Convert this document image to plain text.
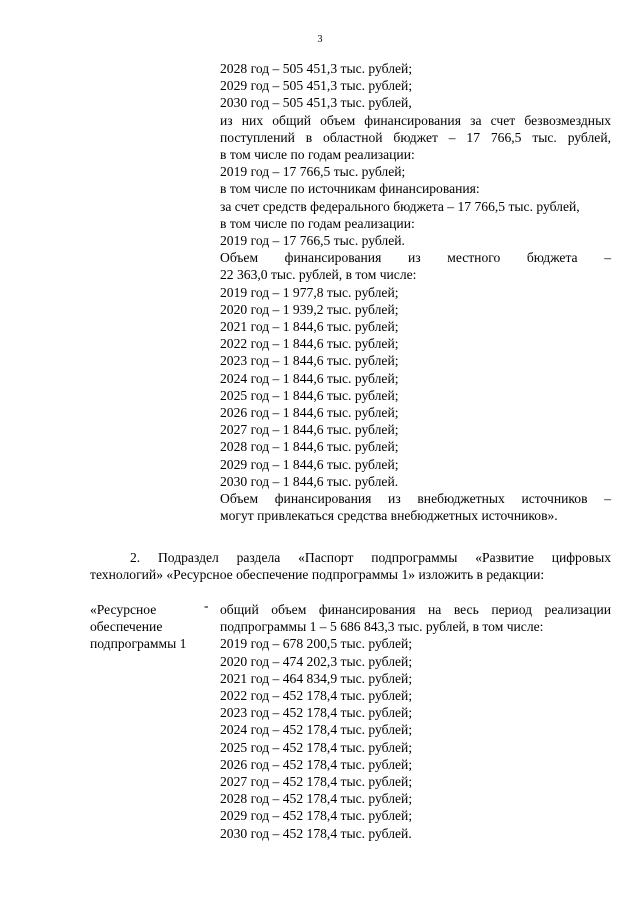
3
2028 год – 505 451,3 тыс. рублей;
2029 год – 505 451,3 тыс. рублей;
2030 год – 505 451,3 тыс. рублей,
из них общий объем финансирования за счет безвозмездных
поступлений в областной бюджет – 17 766,5 тыс. рублей,
в том числе по годам реализации:
2019 год – 17 766,5 тыс. рублей;
в том числе по источникам финансирования:
за счет средств федерального бюджета – 17 766,5 тыс. рублей,
в том числе по годам реализации:
2019 год – 17 766,5 тыс. рублей.
Объем финансирования из местного бюджета –
22 363,0 тыс. рублей, в том числе:
2019 год – 1 977,8 тыс. рублей;
2020 год – 1 939,2 тыс. рублей;
2021 год – 1 844,6 тыс. рублей;
2022 год – 1 844,6 тыс. рублей;
2023 год – 1 844,6 тыс. рублей;
2024 год – 1 844,6 тыс. рублей;
2025 год – 1 844,6 тыс. рублей;
2026 год – 1 844,6 тыс. рублей;
2027 год – 1 844,6 тыс. рублей;
2028 год – 1 844,6 тыс. рублей;
2029 год – 1 844,6 тыс. рублей;
2030 год – 1 844,6 тыс. рублей.
Объем финансирования из внебюджетных источников –
могут привлекаться средства внебюджетных источников».
2. Подраздел раздела «Паспорт подпрограммы «Развитие цифровых
технологий» «Ресурсное обеспечение подпрограммы 1» изложить в редакции:
«Ресурсное
обеспечение
подпрограммы 1
- общий объем финансирования на весь период реализации
подпрограммы 1 – 5 686 843,3 тыс. рублей, в том числе:
2019 год – 678 200,5 тыс. рублей;
2020 год – 474 202,3 тыс. рублей;
2021 год – 464 834,9 тыс. рублей;
2022 год – 452 178,4 тыс. рублей;
2023 год – 452 178,4 тыс. рублей;
2024 год – 452 178,4 тыс. рублей;
2025 год – 452 178,4 тыс. рублей;
2026 год – 452 178,4 тыс. рублей;
2027 год – 452 178,4 тыс. рублей;
2028 год – 452 178,4 тыс. рублей;
2029 год – 452 178,4 тыс. рублей;
2030 год – 452 178,4 тыс. рублей.
